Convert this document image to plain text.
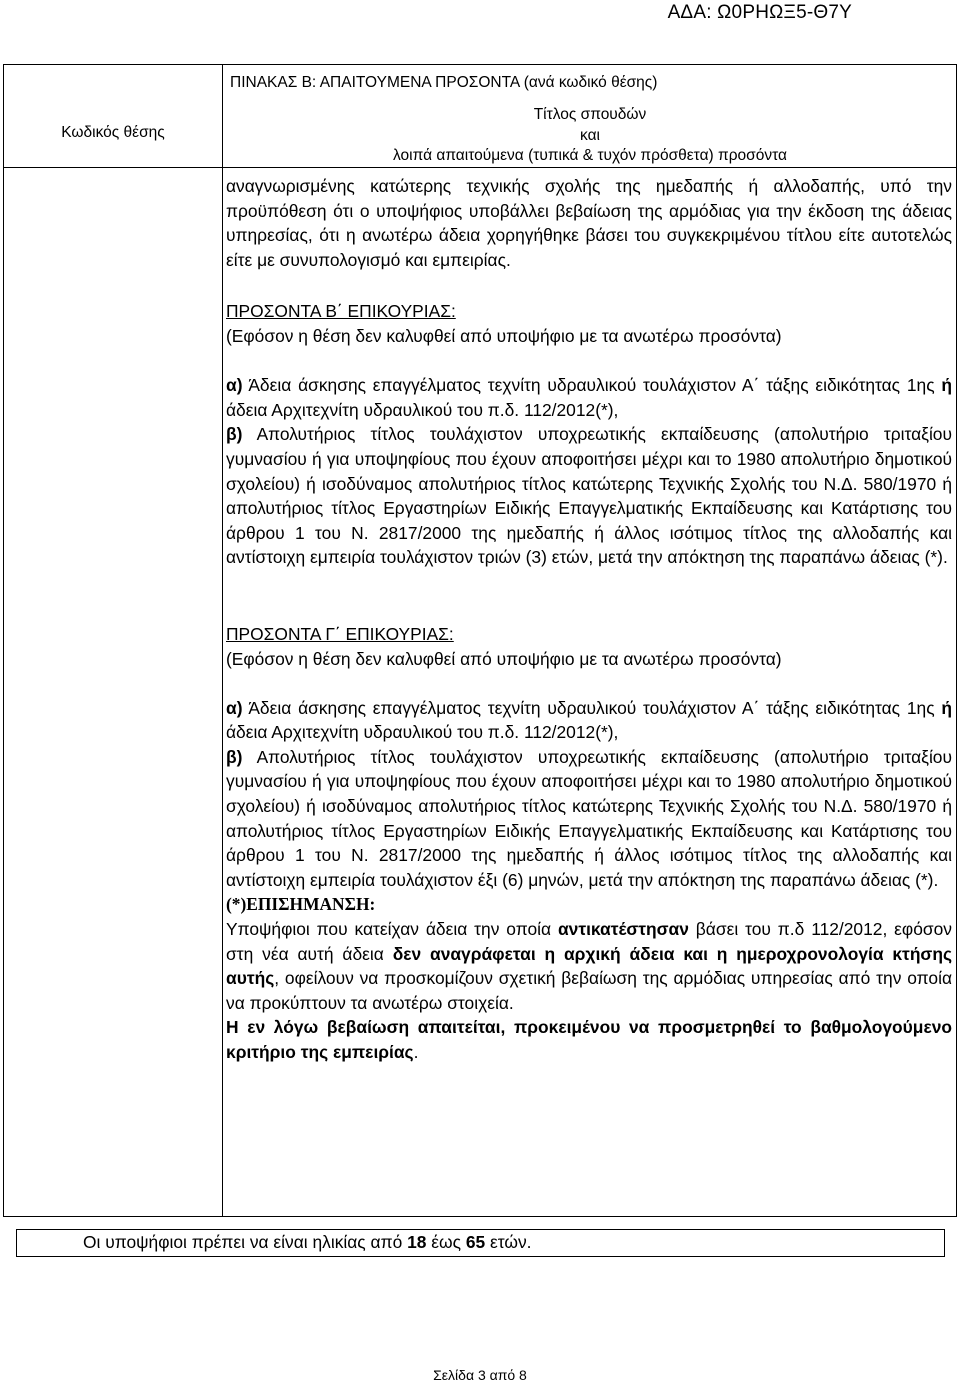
ΑΔΑ: Ω0ΡΗΩΞ5-Θ7Υ
Κωδικός θέσης
ΠΙΝΑΚΑΣ Β: ΑΠΑΙΤΟΥΜΕΝΑ ΠΡΟΣΟΝΤΑ (ανά κωδικό θέσης)
Τίτλος σπουδών
και
λοιπά απαιτούμενα (τυπικά & τυχόν πρόσθετα) προσόντα

αναγνωρισμένης κατώτερης τεχνικής σχολής της ημεδαπής ή αλλοδαπής, υπό την προϋπόθεση ότι ο υποψήφιος υποβάλλει βεβαίωση της αρμόδιας για την έκδοση της άδειας υπηρεσίας, ότι η ανωτέρω άδεια χορηγήθηκε βάσει του συγκεκριμένου τίτλου είτε αυτοτελώς είτε με συνυπολογισμό και εμπειρίας.

ΠΡΟΣΟΝΤΑ Β΄ ΕΠΙΚΟΥΡΙΑΣ:

(Εφόσον η θέση δεν καλυφθεί από υποψήφιο με τα ανωτέρω προσόντα)

α) Άδεια άσκησης επαγγέλματος τεχνίτη υδραυλικού τουλάχιστον Α΄ τάξης ειδικότητας 1ης ή άδεια Αρχιτεχνίτη υδραυλικού του π.δ. 112/2012(*),

β) Απολυτήριος τίτλος τουλάχιστον υποχρεωτικής εκπαίδευσης (απολυτήριο τριταξίου γυμνασίου ή για υποψηφίους που έχουν αποφοιτήσει μέχρι και το 1980 απολυτήριο δημοτικού σχολείου) ή ισοδύναμος απολυτήριος τίτλος κατώτερης Τεχνικής Σχολής του Ν.Δ. 580/1970 ή απολυτήριος τίτλος Εργαστηρίων Ειδικής Επαγγελματικής Εκπαίδευσης και Κατάρτισης του άρθρου 1 του Ν. 2817/2000 της ημεδαπής ή άλλος ισότιμος τίτλος της αλλοδαπής και αντίστοιχη εμπειρία τουλάχιστον τριών (3) ετών, μετά την απόκτηση της παραπάνω άδειας (*).

ΠΡΟΣΟΝΤΑ Γ΄ ΕΠΙΚΟΥΡΙΑΣ:

(Εφόσον η θέση δεν καλυφθεί από υποψήφιο με τα ανωτέρω προσόντα)

α) Άδεια άσκησης επαγγέλματος τεχνίτη υδραυλικού τουλάχιστον Α΄ τάξης ειδικότητας 1ης ή άδεια Αρχιτεχνίτη υδραυλικού του π.δ. 112/2012(*),

β) Απολυτήριος τίτλος τουλάχιστον υποχρεωτικής εκπαίδευσης (απολυτήριο τριταξίου γυμνασίου ή για υποψηφίους που έχουν αποφοιτήσει μέχρι και το 1980 απολυτήριο δημοτικού σχολείου) ή ισοδύναμος απολυτήριος τίτλος κατώτερης Τεχνικής Σχολής του Ν.Δ. 580/1970 ή απολυτήριος τίτλος Εργαστηρίων Ειδικής Επαγγελματικής Εκπαίδευσης και Κατάρτισης του άρθρου 1 του Ν. 2817/2000 της ημεδαπής ή άλλος ισότιμος τίτλος της αλλοδαπής και αντίστοιχη εμπειρία τουλάχιστον έξι (6) μηνών, μετά την απόκτηση της παραπάνω άδειας (*).

(*)ΕΠΙΣΗΜΑΝΣΗ:

Υποψήφιοι που κατείχαν άδεια την οποία αντικατέστησαν βάσει του π.δ 112/2012, εφόσον στη νέα αυτή άδεια δεν αναγράφεται η αρχική άδεια και η ημεροχρονολογία κτήσης αυτής, οφείλουν να προσκομίζουν σχετική βεβαίωση της αρμόδιας υπηρεσίας από την οποία να προκύπτουν τα ανωτέρω στοιχεία.

Η εν λόγω βεβαίωση απαιτείται, προκειμένου να προσμετρηθεί το βαθμολογούμενο κριτήριο της εμπειρίας.

Οι υποψήφιοι πρέπει να είναι ηλικίας από 18 έως 65 ετών.
Σελίδα 3 από 8
